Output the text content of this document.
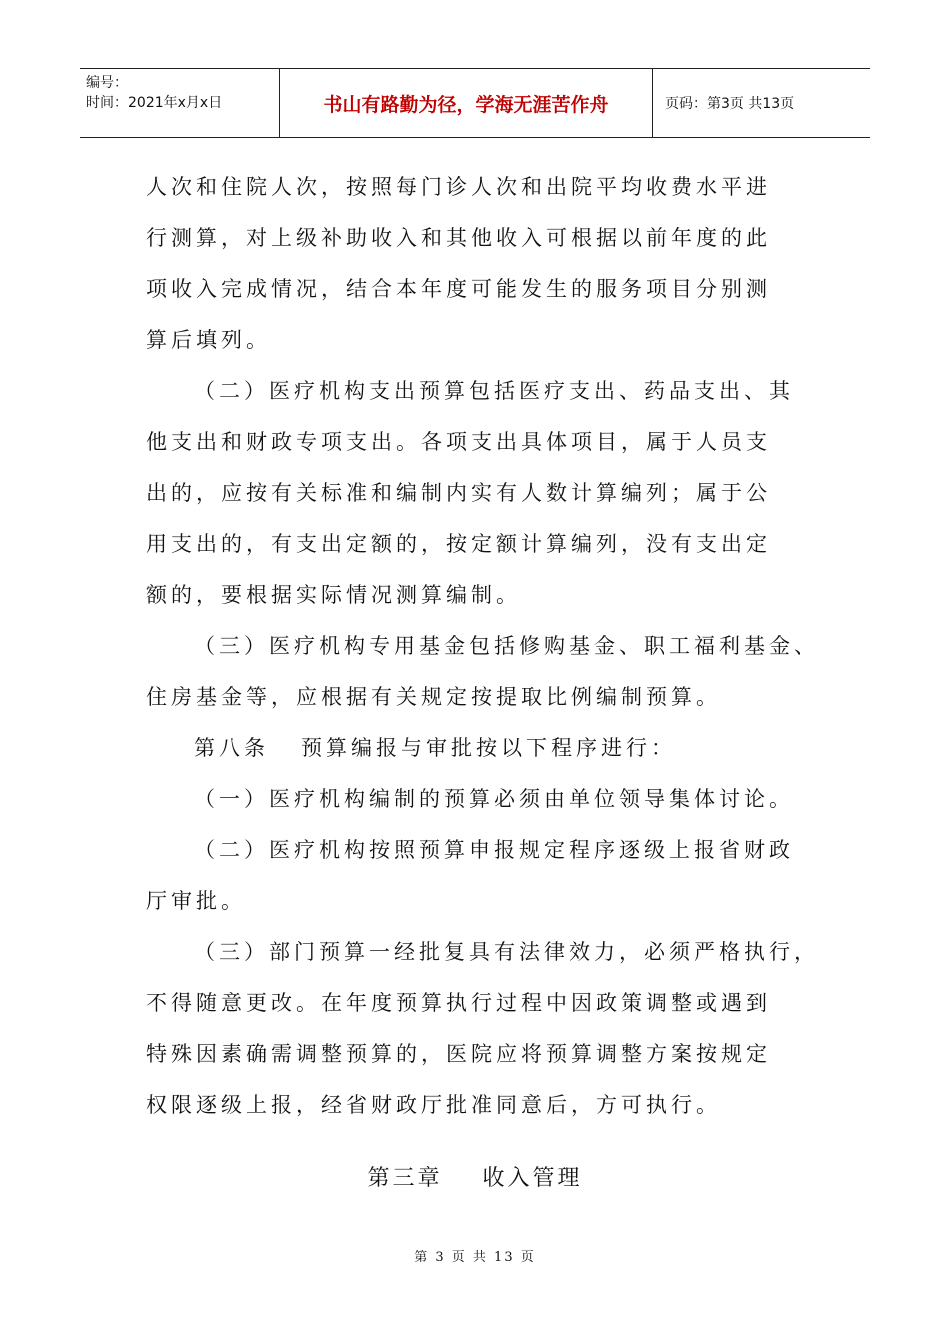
编号：
时间：2021年x月x日	书山有路勤为径，学海无涯苦作舟	页码：第3页 共13页
人次和住院人次，按照每门诊人次和出院平均收费水平进
行测算，对上级补助收入和其他收入可根据以前年度的此
项收入完成情况，结合本年度可能发生的服务项目分别测
算后填列。
（二）医疗机构支出预算包括医疗支出、药品支出、其
他支出和财政专项支出。各项支出具体项目，属于人员支
出的，应按有关标准和编制内实有人数计算编列；属于公
用支出的，有支出定额的，按定额计算编列，没有支出定
额的，要根据实际情况测算编制。
（三）医疗机构专用基金包括修购基金、职工福利基金、
住房基金等，应根据有关规定按提取比例编制预算。
第八条   预算编报与审批按以下程序进行：
（一）医疗机构编制的预算必须由单位领导集体讨论。
（二）医疗机构按照预算申报规定程序逐级上报省财政
厅审批。
（三）部门预算一经批复具有法律效力，必须严格执行，
不得随意更改。在年度预算执行过程中因政策调整或遇到
特殊因素确需调整预算的，医院应将预算调整方案按规定
权限逐级上报，经省财政厅批准同意后，方可执行。
第三章    收入管理
第 3 页 共 13 页
